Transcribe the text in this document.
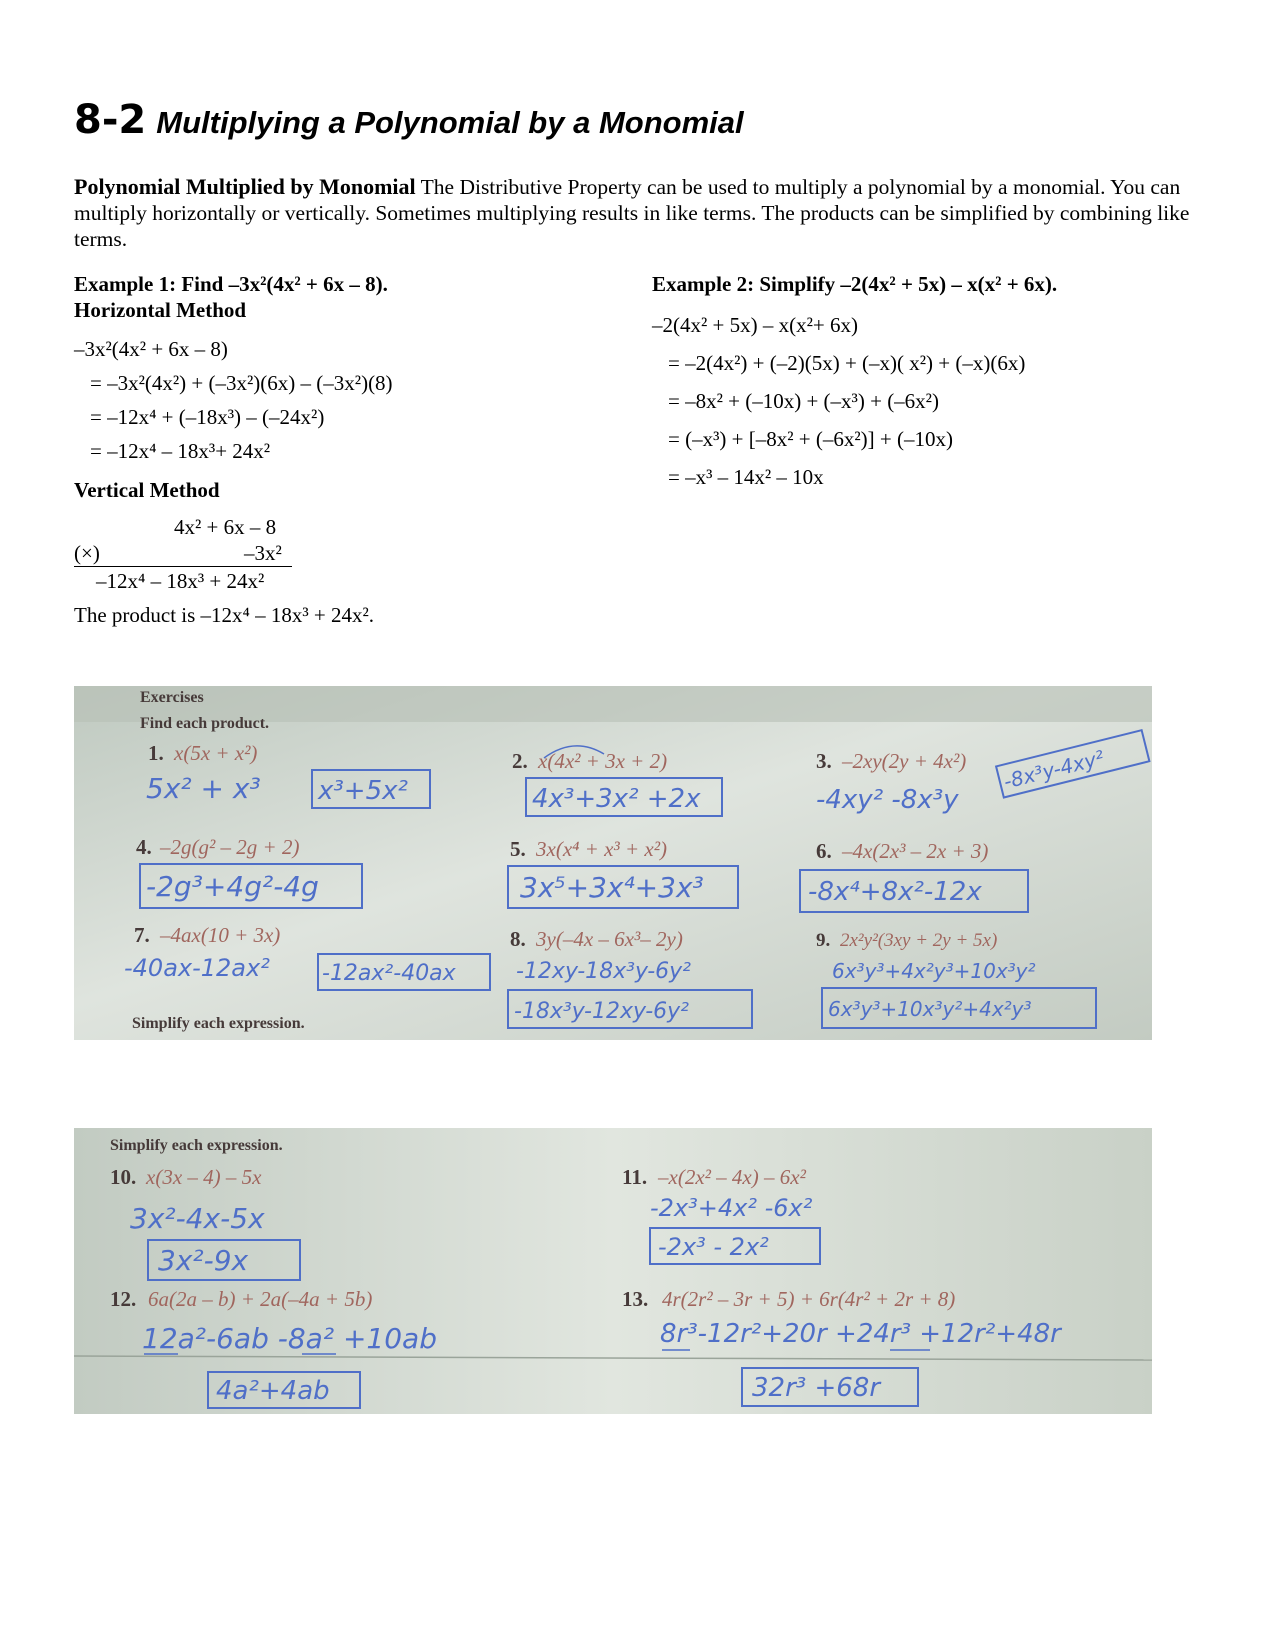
8-2 Multiplying a Polynomial by a Monomial
Polynomial Multiplied by Monomial The Distributive Property can be used to multiply a polynomial by a monomial. You can multiply horizontally or vertically. Sometimes multiplying results in like terms. The products can be simplified by combining like terms.
Example 1: Find –3x²(4x² + 6x – 8).
Horizontal Method
–3x²(4x² + 6x – 8)
= –3x²(4x²) + (–3x²)(6x) – (–3x²)(8)
= –12x⁴ + (–18x³) – (–24x²)
= –12x⁴ – 18x³+ 24x²
Vertical Method
4x² + 6x – 8
(×)	–3x²
–12x⁴ – 18x³ + 24x²
The product is –12x⁴ – 18x³ + 24x².
Example 2: Simplify –2(4x² + 5x) – x(x² + 6x).
–2(4x² + 5x) – x(x²+ 6x)
= –2(4x²) + (–2)(5x) + (–x)( x²) + (–x)(6x)
= –8x² + (–10x) + (–x³) + (–6x²)
= (–x³) + [–8x² + (–6x²)] + (–10x)
= –x³ – 14x² – 10x
Exercises
Find each product.
1. x(5x + x²)
5x² + x³ x³+5x²
2. x(4x² + 3x + 2)
4x³+3x² +2x
3. –2xy(2y + 4x²)
-4xy² -8x³y
-8x³y-4xy²
4. –2g(g² – 2g + 2)
-2g³+4g²-4g
5. 3x(x⁴ + x³ + x²)
3x⁵+3x⁴+3x³
6. –4x(2x³ – 2x + 3)
-8x⁴+8x²-12x
7. –4ax(10 + 3x)
-40ax-12ax² -12ax²-40ax
8. 3y(–4x – 6x³– 2y)
-12xy-18x³y-6y²
-18x³y-12xy-6y²
9. 2x²y²(3xy + 2y + 5x)
6x³y³+4x²y³+10x³y²
6x³y³+10x³y²+4x²y³
Simplify each expression.
Simplify each expression.
10. x(3x – 4) – 5x
3x²-4x-5x
3x²-9x
11. –x(2x² – 4x) – 6x²
-2x³+4x² -6x²
-2x³ - 2x²
12. 6a(2a – b) + 2a(–4a + 5b)
12a²-6ab -8a² +10ab
4a²+4ab
13. 4r(2r² – 3r + 5) + 6r(4r² + 2r + 8)
8r³-12r²+20r +24r³ +12r²+48r
32r³ +68r
